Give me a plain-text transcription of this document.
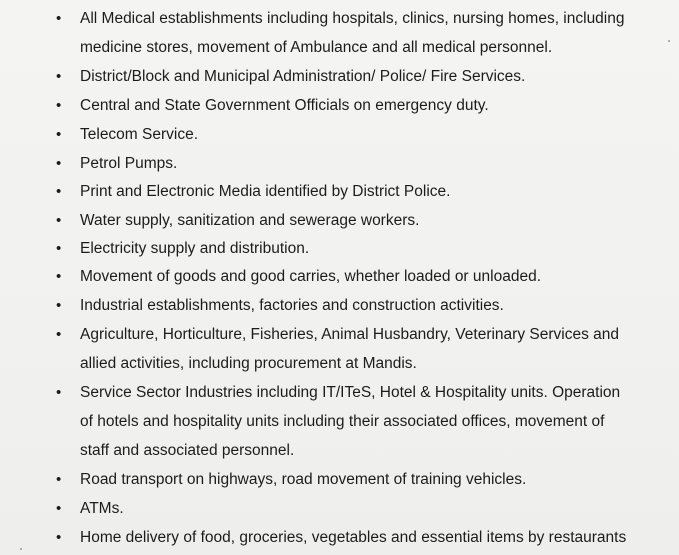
•	All Medical establishments including hospitals, clinics, nursing homes, including
medicine stores, movement of Ambulance and all medical personnel.
•	District/Block and Municipal Administration/ Police/ Fire Services.
•	Central and State Government Officials on emergency duty.
•	Telecom Service.
•	Petrol Pumps.
•	Print and Electronic Media identified by District Police.
•	Water supply, sanitization and sewerage workers.
•	Electricity supply and distribution.
•	Movement of goods and good carries, whether loaded or unloaded.
•	Industrial establishments, factories and construction activities.
•	Agriculture, Horticulture, Fisheries, Animal Husbandry, Veterinary Services and
allied activities, including procurement at Mandis.
•	Service Sector Industries including IT/ITeS, Hotel & Hospitality units. Operation
of hotels and hospitality units including their associated offices, movement of
staff and associated personnel.
•	Road transport on highways, road movement of training vehicles.
•	ATMs.
•	Home delivery of food, groceries, vegetables and essential items by restaurants
